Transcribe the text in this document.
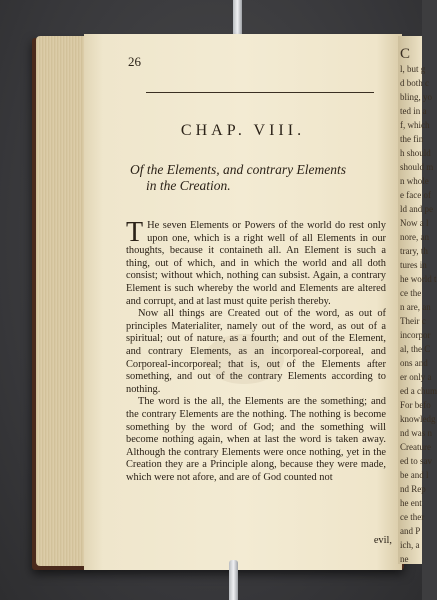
26
CHAP. VIII.
Of the Elements, and contrary Elements
in the Creation.

T He seven Elements or Powers of the world do rest only upon one, which is a right well of all Elements in our thoughts, because it containeth all. An Element is such a thing, out of which, and in which the world and all doth consist; without which, nothing can subsist. Again, a contrary Element is such whereby the world and Elements are altered and corrupt, and at last must quite perish thereby.

Now all things are Created out of the word, as out of principles Materialiter, namely out of the word, as out of a spiritual; out of nature, as a fourth; and out of the Element, and contrary Elements, as an incorporeal-corporeal, and Corporeal-incorporeal; that is, out of the Elements after something, and out of the contrary Elements according to nothing.

The word is the all, the Elements are the something; and the contrary Elements are the nothing. The nothing is become something by the word of God; and the something will become nothing again, when at last the word is taken away. Although the contrary Elements were once nothing, yet in the Creation they are a Principle along, because they were made, which were not afore, and are of God counted not

evil,
C
l, but g
d both c
bling, yo
ted in a
f, which
the fin
h should
should m
n whole
e face of
ld and pe
Now a l
nore, an
trary, th
tures in
he world t
ce the
n are, an
Their c
incorpor
al, the C
ons and
er only a
ed a chum
For befo
knowledg
nd was n
Creature
ed to sav
be and l
nd Rep
he ent
ce ther
and P
ich, a
ne
